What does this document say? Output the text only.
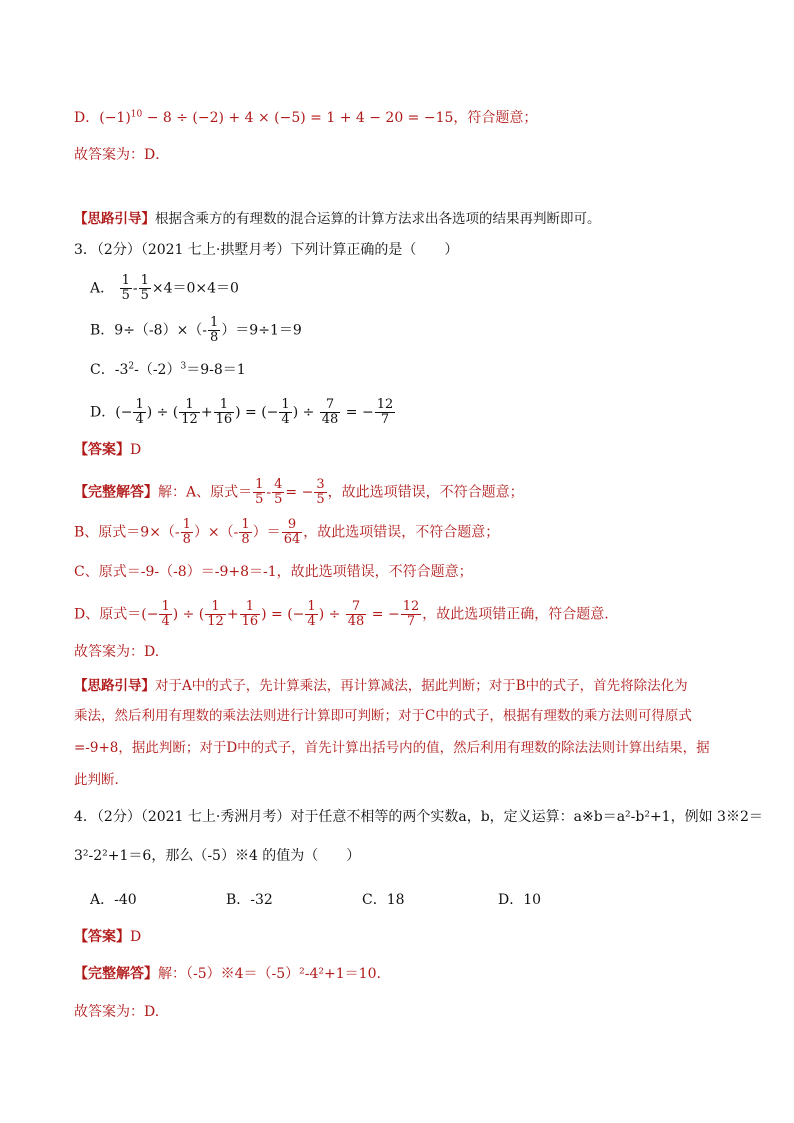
D．$(-1)^{10} - 8 \div (-2) + 4 \times (-5) = 1 + 4 - 20 = -15$，符合题意；
故答案为：D．
【思路引导】根据含乘方的有理数的混合运算的计算方法求出各选项的结果再判断即可。
3．（2分）（2021 七上·拱墅月考）下列计算正确的是（　　）
A． $\frac{1}{5} - \frac{1}{5} \times 4=0\times 4=0$
B．$9\div(-8)\times(- \frac{1}{8} )=9\div 1=9$
C．$-3^2-(-2)^3=9-8=1$
D．(− $\frac{1}{4}$ ) ÷ ( $\frac{1}{12} + \frac{1}{16}$ ) = (− $\frac{1}{4}$ ) ÷ $\frac{7}{48}$ = − $\frac{12}{7}$
【答案】D
【完整解答】解：A、原式＝ $\frac{1}{5} - \frac{4}{5}$ = − $\frac{3}{5}$ ，故此选项错误，不符合题意；
B、原式$=9\times(- \frac{1}{8}$ ）×（- $\frac{1}{8}$ ）＝ $\frac{9}{64}$ ，故此选项错误，不符合题意；
C、原式＝-9-（-8）＝-9+8＝-1，故此选项错误，不符合题意；
D、原式＝(− $\frac{1}{4}$ ) ÷ ( $\frac{1}{12} + \frac{1}{16}$ ) = (− $\frac{1}{4}$ ) ÷ $\frac{7}{48}$ = − $\frac{12}{7}$ ，故此选项错正确，符合题意.
故答案为：D.
【思路引导】对于A中的式子，先计算乘法，再计算减法，据此判断；对于B中的式子，首先将除法化为
乘法，然后利用有理数的乘法法则进行计算即可判断；对于C中的式子，根据有理数的乘方法则可得原式
=-9+8，据此判断；对于D中的式子，首先计算出括号内的值，然后利用有理数的除法法则计算出结果，据
此判断.
4．（2分）（2021 七上·秀洲月考）对于任意不相等的两个实数a，b，定义运算：a※b＝a²-b²+1，例如 3※2＝
3²-2²+1＝6，那么（-5）※4 的值为（　　）
A．-40	B．-32	C．18	D．10
【答案】D
【完整解答】解：（-5）※4＝（-5）²-4²+1＝10.
故答案为：D.
